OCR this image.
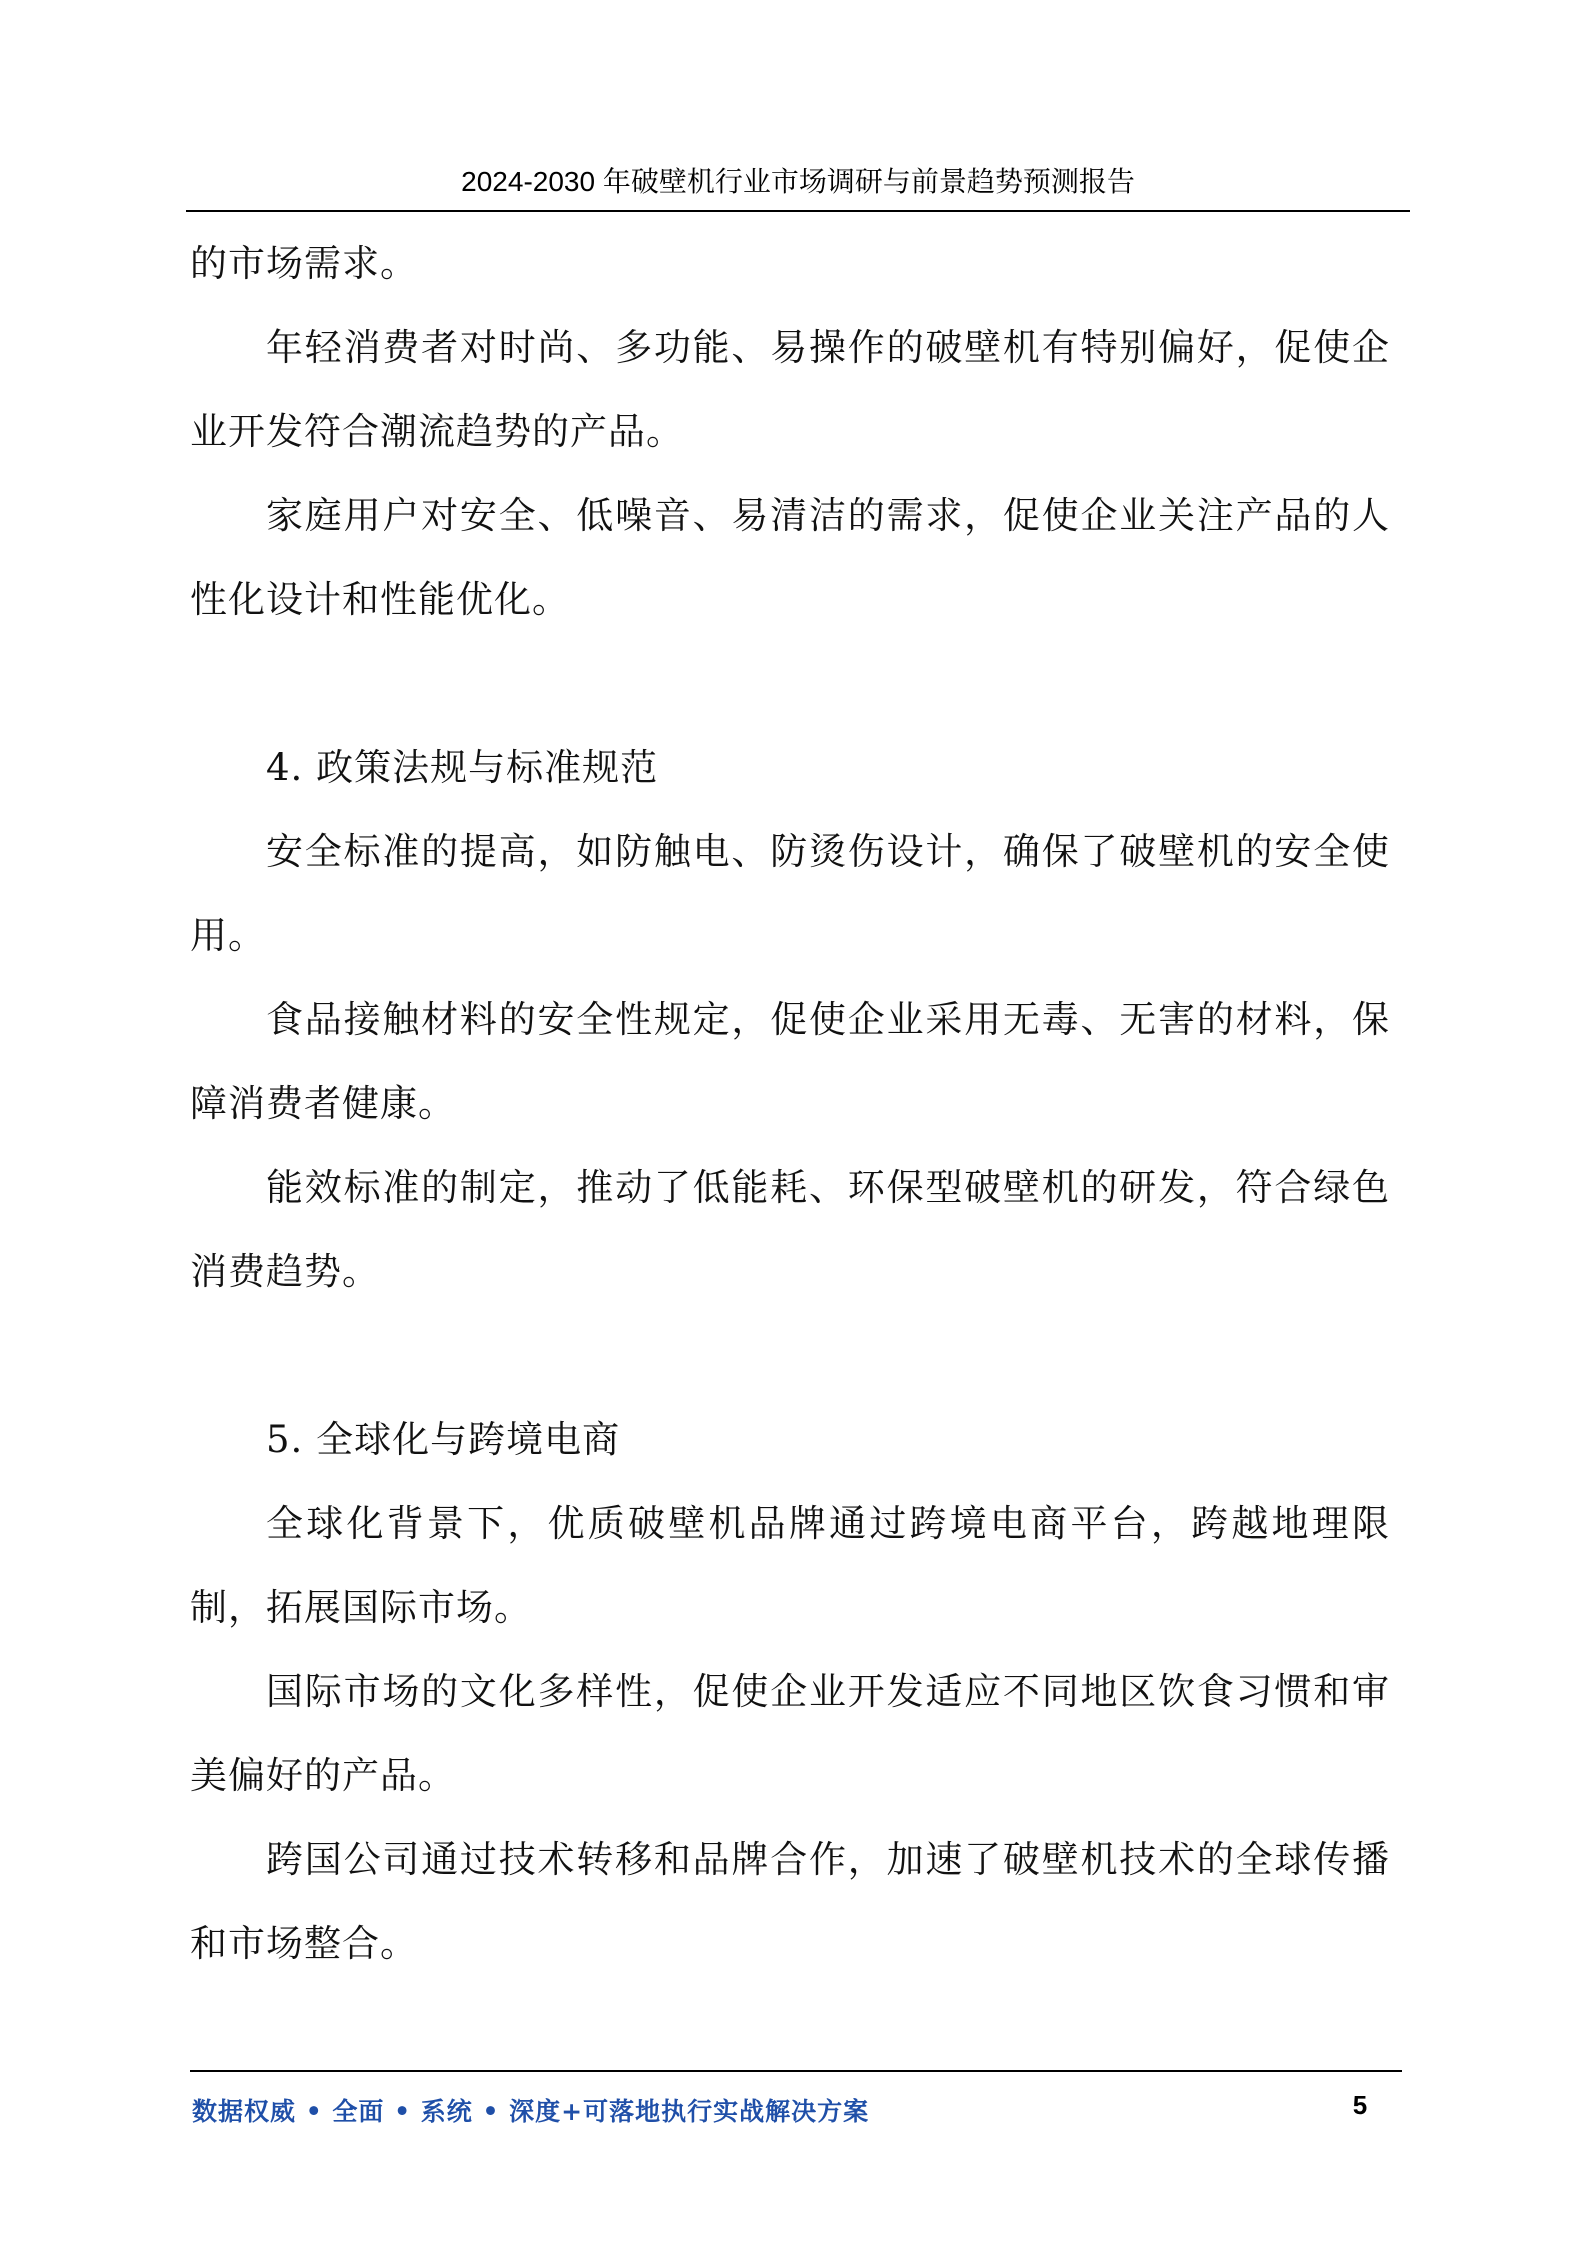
2024-2030 年破壁机行业市场调研与前景趋势预测报告

的市场需求。

年轻消费者对时尚、多功能、易操作的破壁机有特别偏好，促使企业开发符合潮流趋势的产品。

家庭用户对安全、低噪音、易清洁的需求，促使企业关注产品的人性化设计和性能优化。

4. 政策法规与标准规范

安全标准的提高，如防触电、防烫伤设计，确保了破壁机的安全使用。

食品接触材料的安全性规定，促使企业采用无毒、无害的材料，保障消费者健康。

能效标准的制定，推动了低能耗、环保型破壁机的研发，符合绿色消费趋势。

5. 全球化与跨境电商

全球化背景下，优质破壁机品牌通过跨境电商平台，跨越地理限制，拓展国际市场。

国际市场的文化多样性，促使企业开发适应不同地区饮食习惯和审美偏好的产品。

跨国公司通过技术转移和品牌合作，加速了破壁机技术的全球传播和市场整合。

数据权威 • 全面 • 系统 • 深度+可落地执行实战解决方案	5
